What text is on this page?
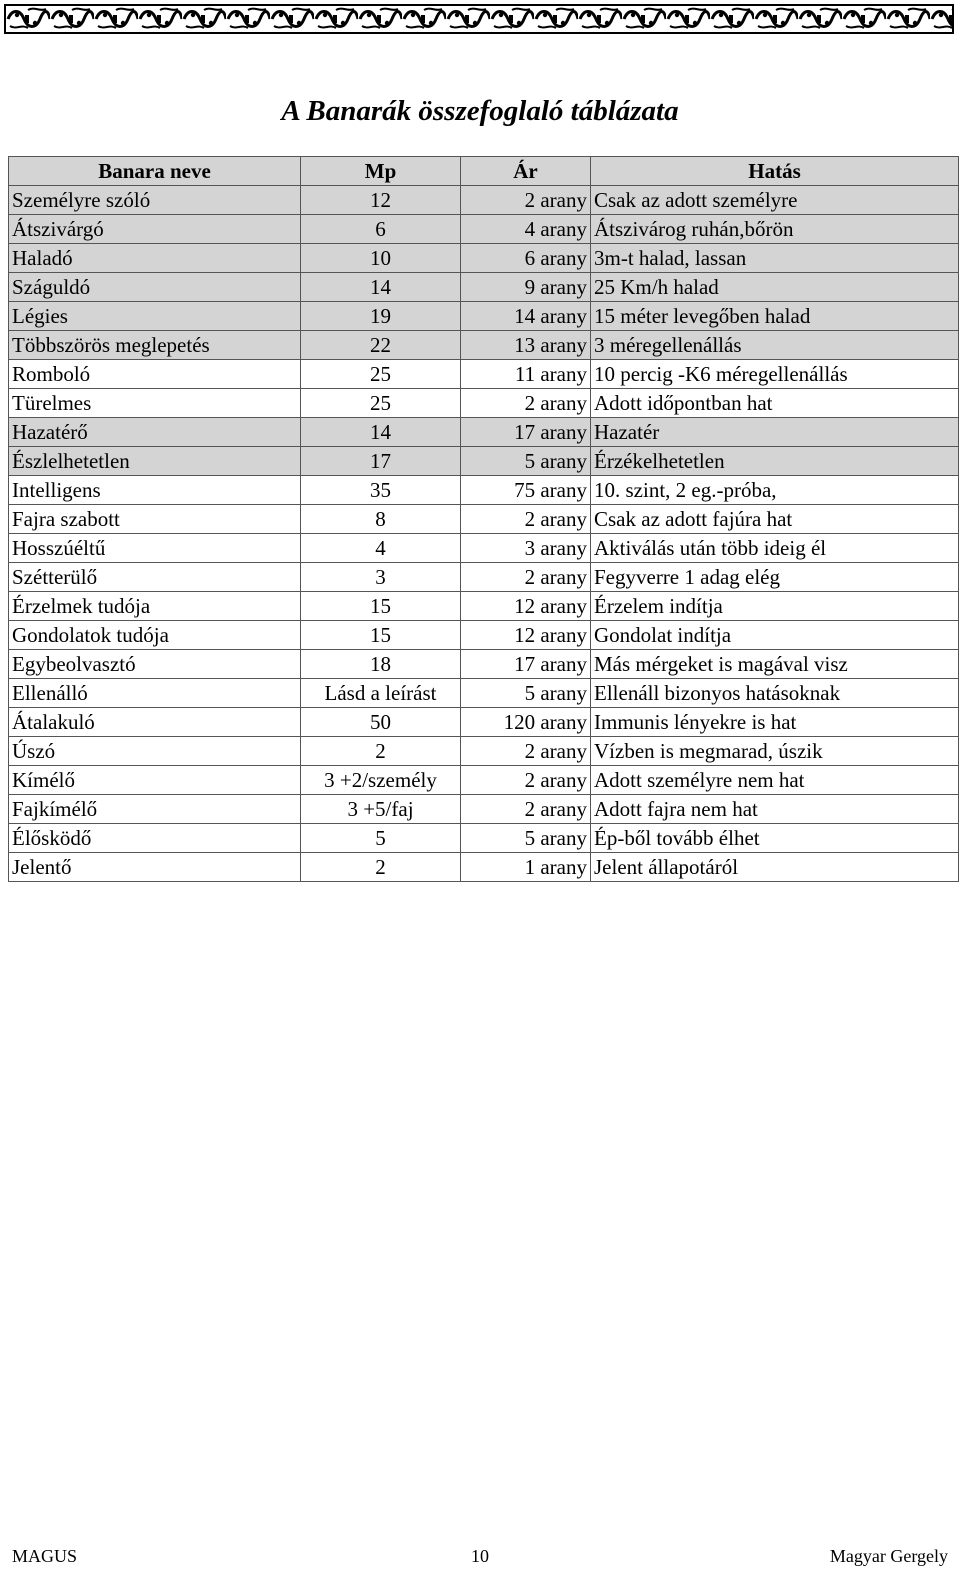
A Banarák összefoglaló táblázata
Banara neve	Mp	Ár	Hatás
Személyre szóló	12	2 arany	Csak az adott személyre
Átszivárgó	6	4 arany	Átszivárog ruhán,bőrön
Haladó	10	6 arany	3m-t halad, lassan
Száguldó	14	9 arany	25 Km/h halad
Légies	19	14 arany	15 méter levegőben halad
Többszörös meglepetés	22	13 arany	3 méregellenállás
Romboló	25	11 arany	10 percig -K6 méregellenállás
Türelmes	25	2 arany	Adott időpontban hat
Hazatérő	14	17 arany	Hazatér
Észlelhetetlen	17	5 arany	Érzékelhetetlen
Intelligens	35	75 arany	10. szint, 2 eg.-próba,
Fajra szabott	8	2 arany	Csak az adott fajúra hat
Hosszúéltű	4	3 arany	Aktiválás után több ideig él
Szétterülő	3	2 arany	Fegyverre 1 adag elég
Érzelmek tudója	15	12 arany	Érzelem indítja
Gondolatok tudója	15	12 arany	Gondolat indítja
Egybeolvasztó	18	17 arany	Más mérgeket is magával visz
Ellenálló	Lásd a leírást	5 arany	Ellenáll bizonyos hatásoknak
Átalakuló	50	120 arany	Immunis lényekre is hat
Úszó	2	2 arany	Vízben is megmarad, úszik
Kímélő	3 +2/személy	2 arany	Adott személyre nem hat
Fajkímélő	3 +5/faj	2 arany	Adott fajra nem hat
Élősködő	5	5 arany	Ép-ből tovább élhet
Jelentő	2	1 arany	Jelent állapotáról
MAGUS	10	Magyar Gergely
